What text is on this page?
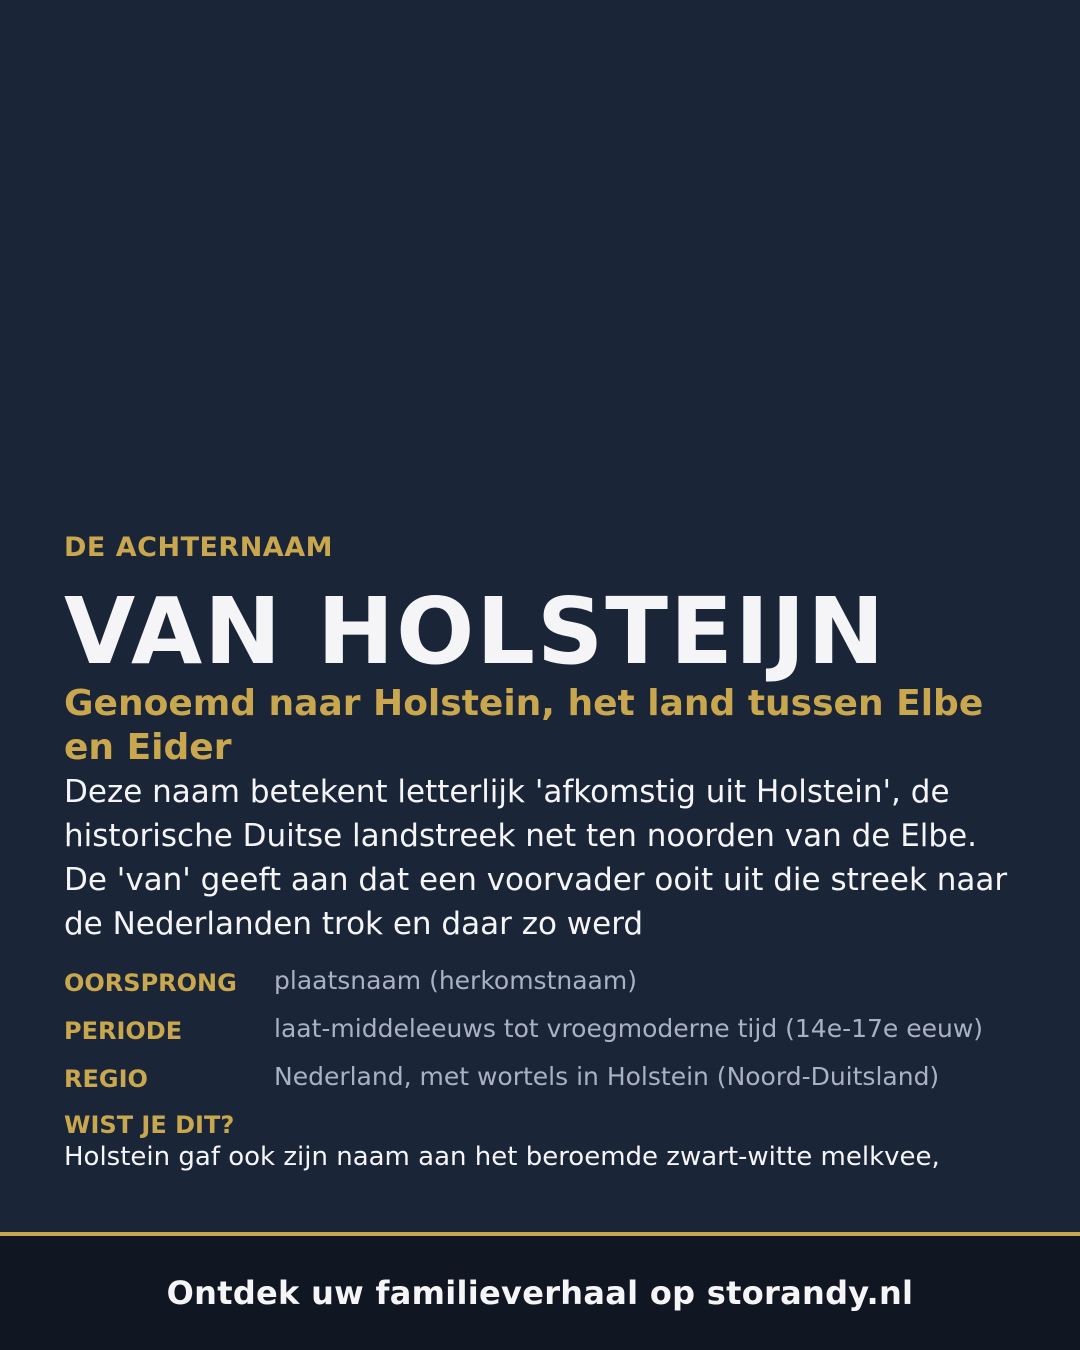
DE ACHTERNAAM

VAN HOLSTEIJN
Genoemd naar Holstein, het land tussen Elbe en Eider

Deze naam betekent letterlijk 'afkomstig uit Holstein', de historische Duitse landstreek net ten noorden van de Elbe. De 'van' geeft aan dat een voorvader ooit uit die streek naar de Nederlanden trok en daar zo werd

OORSPRONG	plaatsnaam (herkomstnaam)
PERIODE	laat-middeleeuws tot vroegmoderne tijd (14e-17e eeuw)
REGIO	Nederland, met wortels in Holstein (Noord-Duitsland)
WIST JE DIT?
Holstein gaf ook zijn naam aan het beroemde zwart-witte melkvee,
Ontdek uw familieverhaal op storandy.nl
